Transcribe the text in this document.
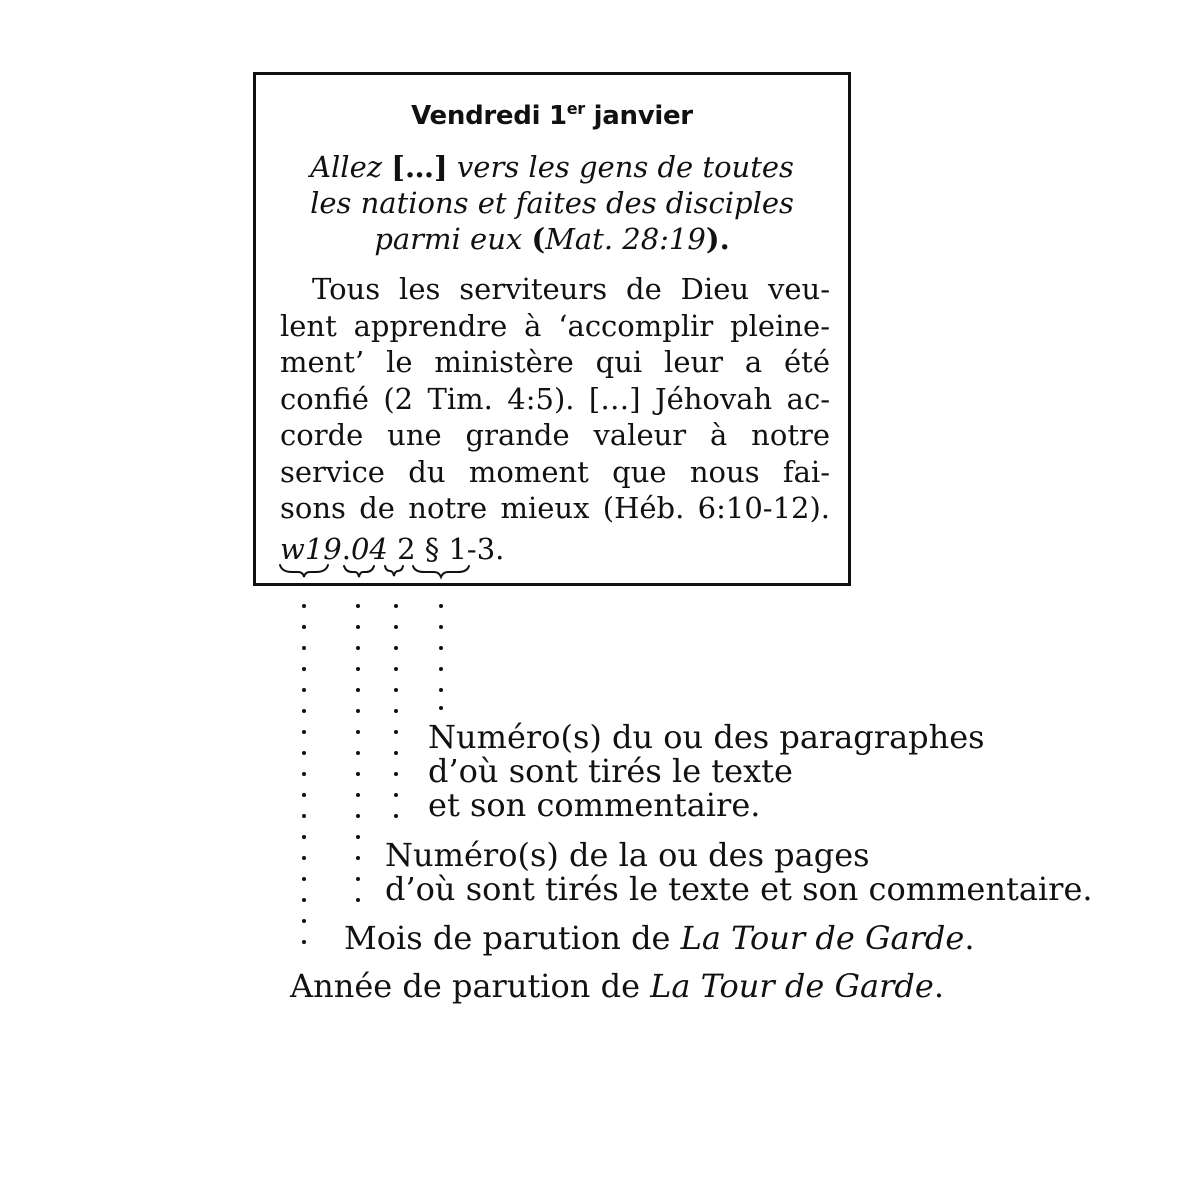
Vendredi 1er janvier
Allez […] vers les gens de toutes
les nations et faites des disciples
parmi eux (Mat. 28:19).
Tous les serviteurs de Dieu veu-
lent apprendre à ‘accomplir pleine-
ment’ le ministère qui leur a été
confié (2 Tim. 4:5). […] Jéhovah ac-
corde une grande valeur à notre
service du moment que nous fai-
sons de notre mieux (Héb. 6:10-12).
w19.04 2 § 1-3.
Numéro(s) du ou des paragraphes
d’où sont tirés le texte
et son commentaire.
Numéro(s) de la ou des pages
d’où sont tirés le texte et son commentaire.
Mois de parution de La Tour de Garde.
Année de parution de La Tour de Garde.
